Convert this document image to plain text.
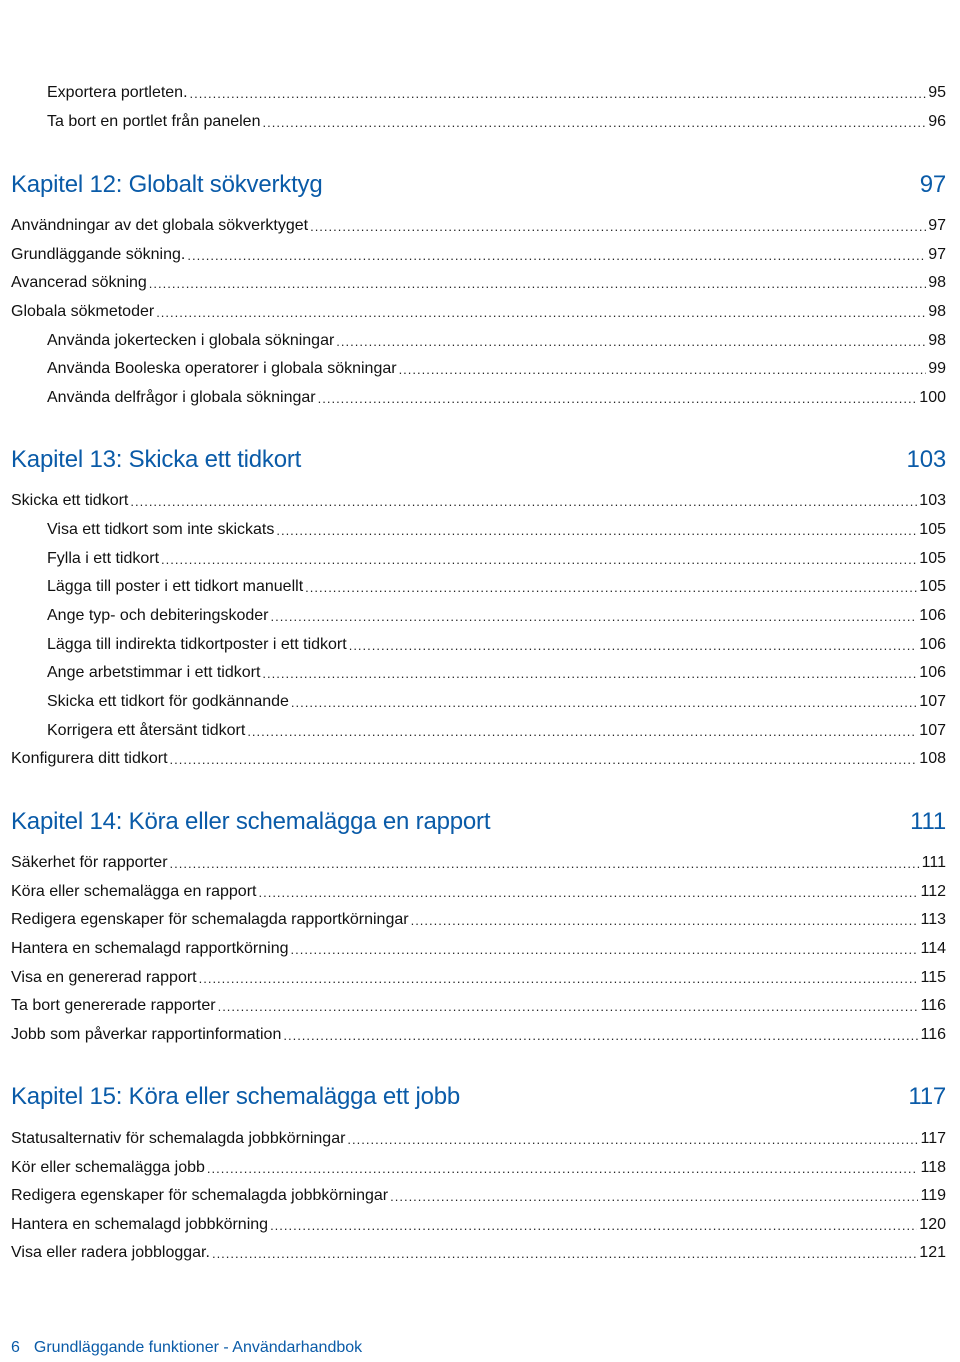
Exportera portleten. .....	95
Ta bort en portlet från panelen .....	96
Kapitel 12: Globalt sökverktyg	97
Användningar av det globala sökverktyget .....	97
Grundläggande sökning. .....	97
Avancerad sökning .....	98
Globala sökmetoder .....	98
Använda jokertecken i globala sökningar .....	98
Använda Booleska operatorer i globala sökningar .....	99
Använda delfrågor i globala sökningar .....	100
Kapitel 13: Skicka ett tidkort	103
Skicka ett tidkort .....	103
Visa ett tidkort som inte skickats .....	105
Fylla i ett tidkort .....	105
Lägga till poster i ett tidkort manuellt .....	105
Ange typ- och debiteringskoder .....	106
Lägga till indirekta tidkortposter i ett tidkort .....	106
Ange arbetstimmar i ett tidkort .....	106
Skicka ett tidkort för godkännande .....	107
Korrigera ett återsänt tidkort .....	107
Konfigurera ditt tidkort .....	108
Kapitel 14: Köra eller schemalägga en rapport	111
Säkerhet för rapporter .....	111
Köra eller schemalägga en rapport .....	112
Redigera egenskaper för schemalagda rapportkörningar .....	113
Hantera en schemalagd rapportkörning .....	114
Visa en genererad rapport .....	115
Ta bort genererade rapporter .....	116
Jobb som påverkar rapportinformation .....	116
Kapitel 15: Köra eller schemalägga ett jobb	117
Statusalternativ för schemalagda jobbkörningar .....	117
Kör eller schemalägga jobb .....	118
Redigera egenskaper för schemalagda jobbkörningar .....	119
Hantera en schemalagd jobbkörning .....	120
Visa eller radera jobbloggar. .....	121
6 Grundläggande funktioner - Användarhandbok
